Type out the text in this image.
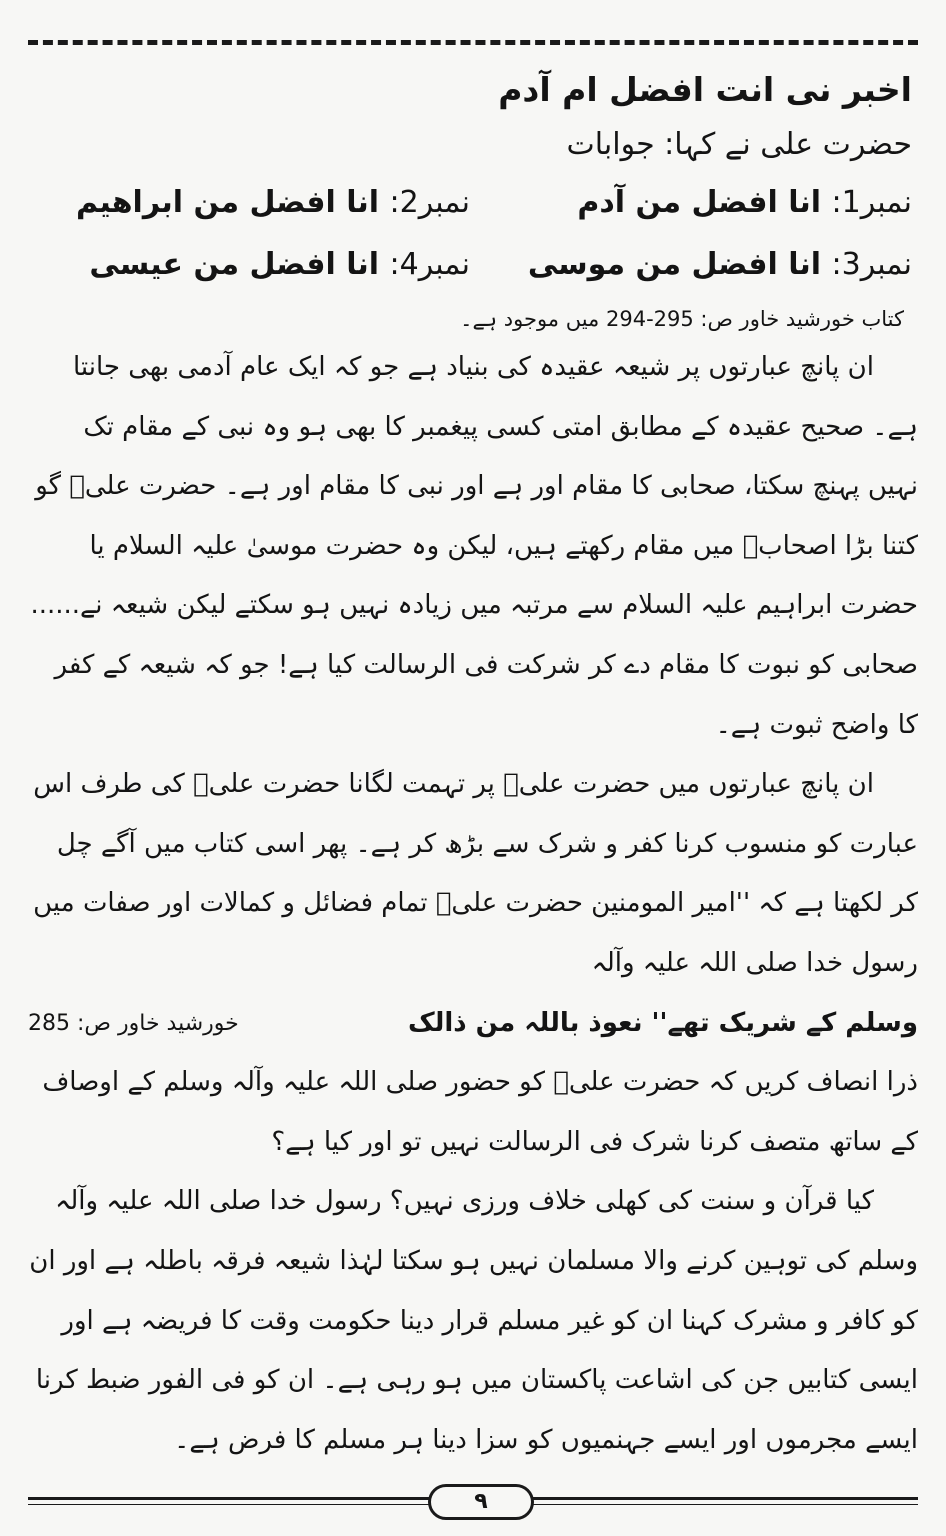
اخبر نی انت افضل ام آدم
حضرت علی نے کہا: جوابات
نمبر1: انا افضل من آدم
نمبر2: انا افضل من ابراهیم
نمبر3: انا افضل من موسی
نمبر4: انا افضل من عیسی
کتاب خورشید خاور ص: 295-294 میں موجود ہے۔
ان پانچ عبارتوں پر شیعہ عقیدہ کی بنیاد ہے جو کہ ایک عام آدمی بھی جانتا ہے۔ صحیح عقیدہ کے مطابق امتی کسی پیغمبر کا بھی ہو وہ نبی کے مقام تک نہیں پہنچ سکتا، صحابی کا مقام اور ہے اور نبی کا مقام اور ہے۔ حضرت علیؓ گو کتنا بڑا اصحابؓ میں مقام رکھتے ہیں، لیکن وہ حضرت موسیٰ علیہ السلام یا حضرت ابراہیم علیہ السلام سے مرتبہ میں زیادہ نہیں ہو سکتے لیکن شیعہ نے...... صحابی کو نبوت کا مقام دے کر شرکت فی الرسالت کیا ہے! جو کہ شیعہ کے کفر کا واضح ثبوت ہے۔
ان پانچ عبارتوں میں حضرت علیؓ پر تہمت لگانا حضرت علیؓ کی طرف اس عبارت کو منسوب کرنا کفر و شرک سے بڑھ کر ہے۔ پھر اسی کتاب میں آگے چل کر لکھتا ہے کہ ''امیر المومنین حضرت علیؓ تمام فضائل و کمالات اور صفات میں رسول خدا صلی اللہ علیہ وآلہ
وسلم کے شریک تھے'' نعوذ باللہ من ذالک
خورشید خاور ص: 285
ذرا انصاف کریں کہ حضرت علیؓ کو حضور صلی اللہ علیہ وآلہ وسلم کے اوصاف کے ساتھ متصف کرنا شرک فی الرسالت نہیں تو اور کیا ہے؟
کیا قرآن و سنت کی کھلی خلاف ورزی نہیں؟ رسول خدا صلی اللہ علیہ وآلہ وسلم کی توہین کرنے والا مسلمان نہیں ہو سکتا لہٰذا شیعہ فرقہ باطلہ ہے اور ان کو کافر و مشرک کہنا ان کو غیر مسلم قرار دینا حکومت وقت کا فریضہ ہے اور ایسی کتابیں جن کی اشاعت پاکستان میں ہو رہی ہے۔ ان کو فی الفور ضبط کرنا ایسے مجرموں اور ایسے جہنمیوں کو سزا دینا ہر مسلم کا فرض ہے۔
۹
